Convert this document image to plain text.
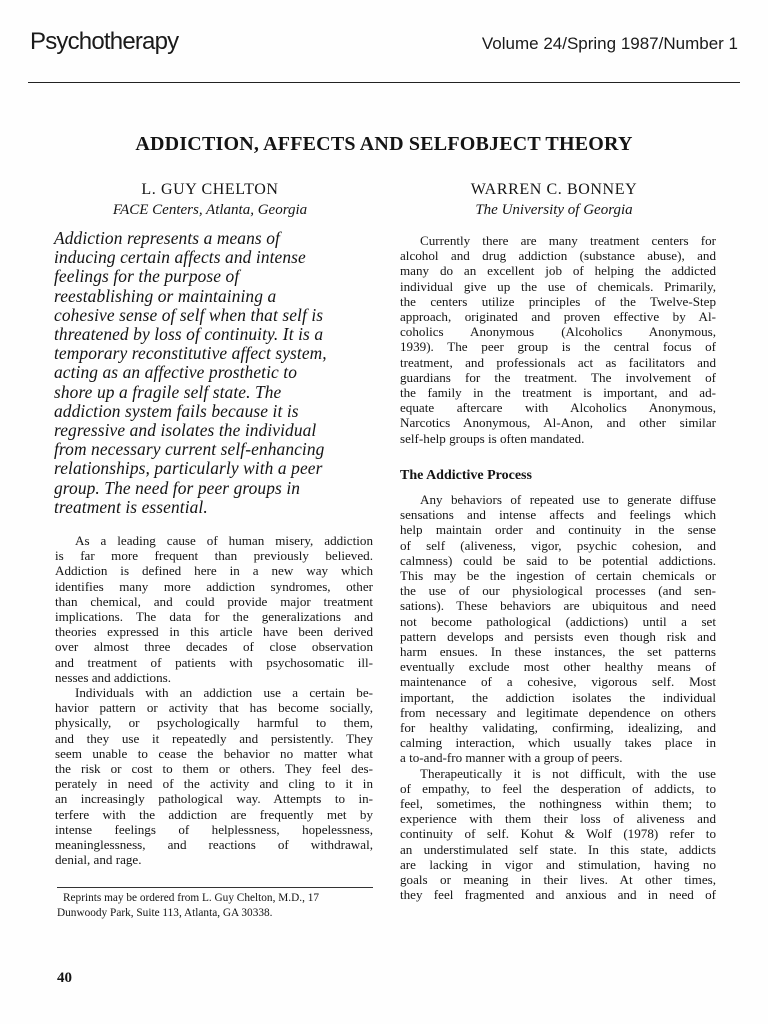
Psychotherapy	Volume 24/Spring 1987/Number 1
ADDICTION, AFFECTS AND SELFOBJECT THEORY
L. GUY CHELTON
FACE Centers, Atlanta, Georgia
WARREN C. BONNEY
The University of Georgia
Addiction represents a means of
inducing certain affects and intense
feelings for the purpose of
reestablishing or maintaining a
cohesive sense of self when that self is
threatened by loss of continuity. It is a
temporary reconstitutive affect system,
acting as an affective prosthetic to
shore up a fragile self state. The
addiction system fails because it is
regressive and isolates the individual
from necessary current self-enhancing
relationships, particularly with a peer
group. The need for peer groups in
treatment is essential.
As a leading cause of human misery, addiction
is far more frequent than previously believed.
Addiction is defined here in a new way which
identifies many more addiction syndromes, other
than chemical, and could provide major treatment
implications. The data for the generalizations and
theories expressed in this article have been derived
over almost three decades of close observation
and treatment of patients with psychosomatic ill-
nesses and addictions.
Individuals with an addiction use a certain be-
havior pattern or activity that has become socially,
physically, or psychologically harmful to them,
and they use it repeatedly and persistently. They
seem unable to cease the behavior no matter what
the risk or cost to them or others. They feel des-
perately in need of the activity and cling to it in
an increasingly pathological way. Attempts to in-
terfere with the addiction are frequently met by
intense feelings of helplessness, hopelessness,
meaninglessness, and reactions of withdrawal,
denial, and rage.
Currently there are many treatment centers for
alcohol and drug addiction (substance abuse), and
many do an excellent job of helping the addicted
individual give up the use of chemicals. Primarily,
the centers utilize principles of the Twelve-Step
approach, originated and proven effective by Al-
coholics Anonymous (Alcoholics Anonymous,
1939). The peer group is the central focus of
treatment, and professionals act as facilitators and
guardians for the treatment. The involvement of
the family in the treatment is important, and ad-
equate aftercare with Alcoholics Anonymous,
Narcotics Anonymous, Al-Anon, and other similar
self-help groups is often mandated.
The Addictive Process
Any behaviors of repeated use to generate diffuse
sensations and intense affects and feelings which
help maintain order and continuity in the sense
of self (aliveness, vigor, psychic cohesion, and
calmness) could be said to be potential addictions.
This may be the ingestion of certain chemicals or
the use of our physiological processes (and sen-
sations). These behaviors are ubiquitous and need
not become pathological (addictions) until a set
pattern develops and persists even though risk and
harm ensues. In these instances, the set patterns
eventually exclude most other healthy means of
maintenance of a cohesive, vigorous self. Most
important, the addiction isolates the individual
from necessary and legitimate dependence on others
for healthy validating, confirming, idealizing, and
calming interaction, which usually takes place in
a to-and-fro manner with a group of peers.
Therapeutically it is not difficult, with the use
of empathy, to feel the desperation of addicts, to
feel, sometimes, the nothingness within them; to
experience with them their loss of aliveness and
continuity of self. Kohut & Wolf (1978) refer to
an understimulated self state. In this state, addicts
are lacking in vigor and stimulation, having no
goals or meaning in their lives. At other times,
they feel fragmented and anxious and in need of
Reprints may be ordered from L. Guy Chelton, M.D., 17
Dunwoody Park, Suite 113, Atlanta, GA 30338.
40
